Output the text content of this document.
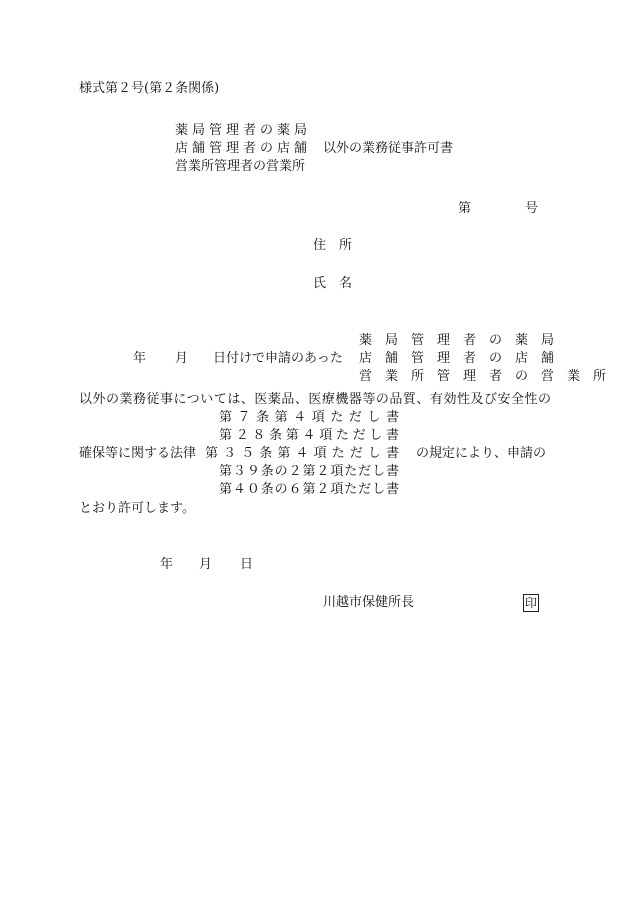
様式第２号(第２条関係)
薬局管理者の薬局
店舗管理者の店舗
営業所管理者の営業所
以外の業務従事許可書
第	号
住　所
氏　名
年 月 日付けで申請のあった
薬　局　管　理　者　の　薬　局
店　舗　管　理　者　の　店　舗
営　業　所　管　理　者　の　営　業　所
以外の業務従事については、医薬品、医療機器等の品質、有効性及び安全性の
第７条第４項ただし書
第２８条第４項ただし書
確保等に関する法律 第３５条第４項ただし書 の規定により、申請の
第３９条の２第２項ただし書
第４０条の６第２項ただし書
とおり許可します。
年 月 日
川越市保健所長	印
